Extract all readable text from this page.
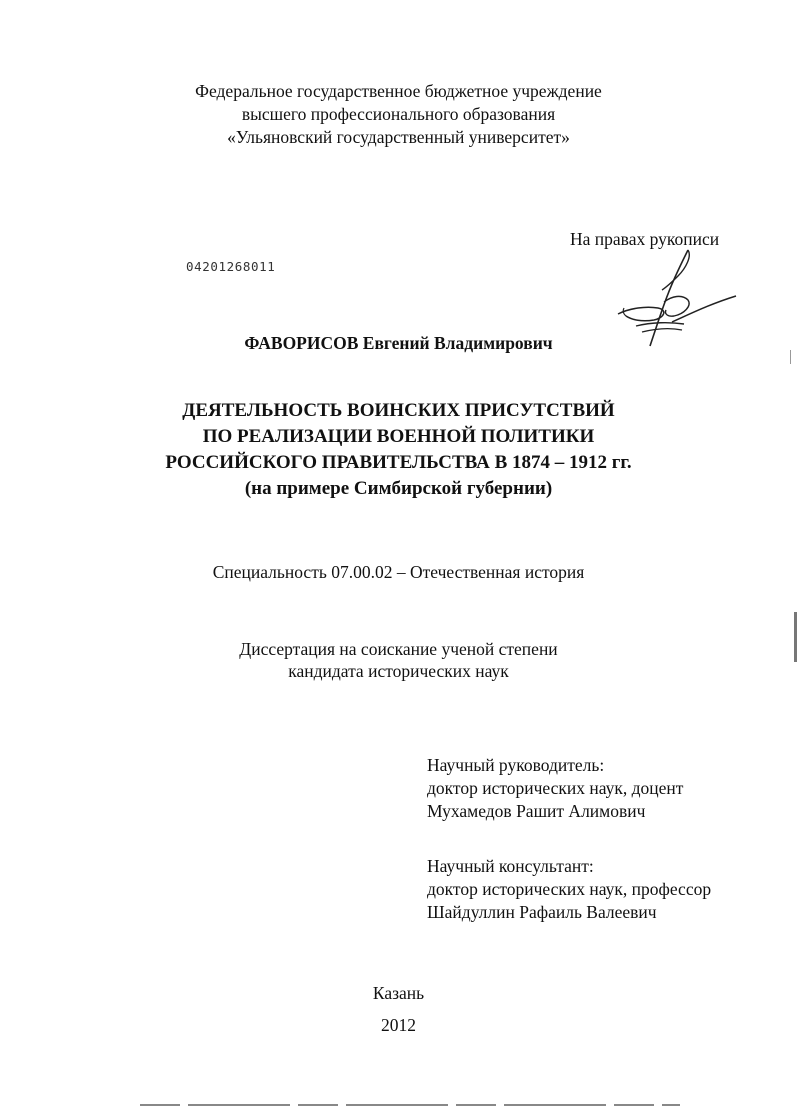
Федеральное государственное бюджетное учреждение
высшего профессионального образования
«Ульяновский государственный университет»
На правах рукописи
04201268011
ФАВОРИСОВ Евгений Владимирович
ДЕЯТЕЛЬНОСТЬ ВОИНСКИХ ПРИСУТСТВИЙ
ПО РЕАЛИЗАЦИИ ВОЕННОЙ ПОЛИТИКИ
РОССИЙСКОГО ПРАВИТЕЛЬСТВА В 1874 – 1912 гг.
(на примере Симбирской губернии)
Специальность 07.00.02 – Отечественная история
Диссертация на соискание ученой степени
кандидата исторических наук
Научный руководитель:
доктор исторических наук, доцент
Мухамедов Рашит Алимович
Научный консультант:
доктор исторических наук, профессор
Шайдуллин Рафаиль Валеевич
Казань
2012
